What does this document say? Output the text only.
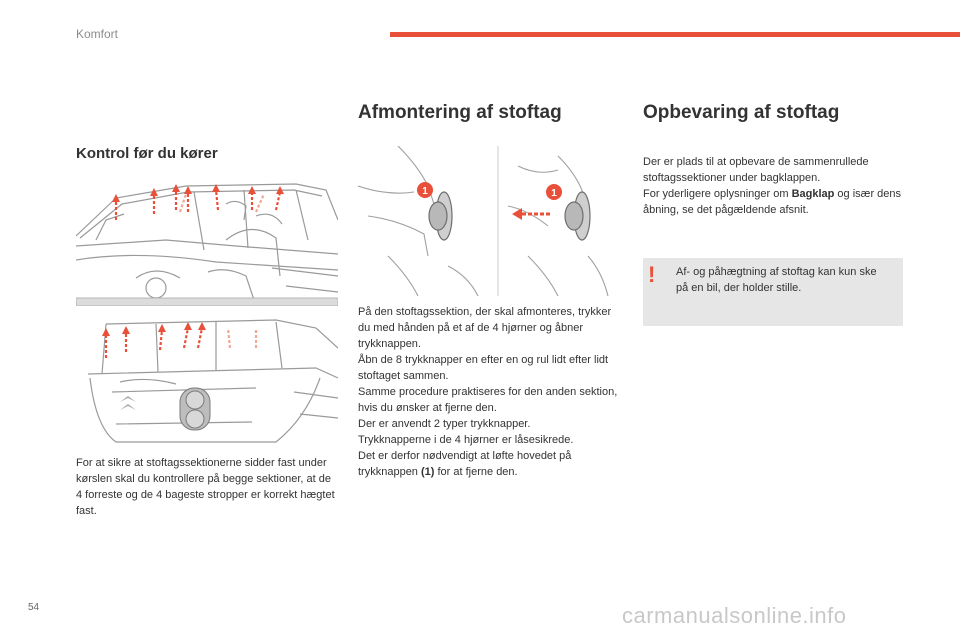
Komfort
Kontrol før du kører
Afmontering af stoftag	Opbevaring af stoftag
For at sikre at stoftagssektionerne sidder fast under kørslen skal du kontrollere på begge sektioner, at de 4 forreste og de 4 bageste stropper er korrekt hægtet fast.
1	1

På den stoftagssektion, der skal afmonteres, trykker du med hånden på et af de 4 hjørner og åbner trykknappen.

Åbn de 8 trykknapper en efter en og rul lidt efter lidt stoftaget sammen.

Samme procedure praktiseres for den anden sektion, hvis du ønsker at fjerne den.

Der er anvendt 2 typer trykknapper.

Trykknapperne i de 4 hjørner er låsesikrede.

Det er derfor nødvendigt at løfte hovedet på trykknappen (1) for at fjerne den.

Der er plads til at opbevare de sammenrullede stoftagssektioner under bagklappen.

For yderligere oplysninger om Bagklap og især dens åbning, se det pågældende afsnit.

! Af- og påhægtning af stoftag kan kun ske på en bil, der holder stille.
54	carmanualsonline.info
